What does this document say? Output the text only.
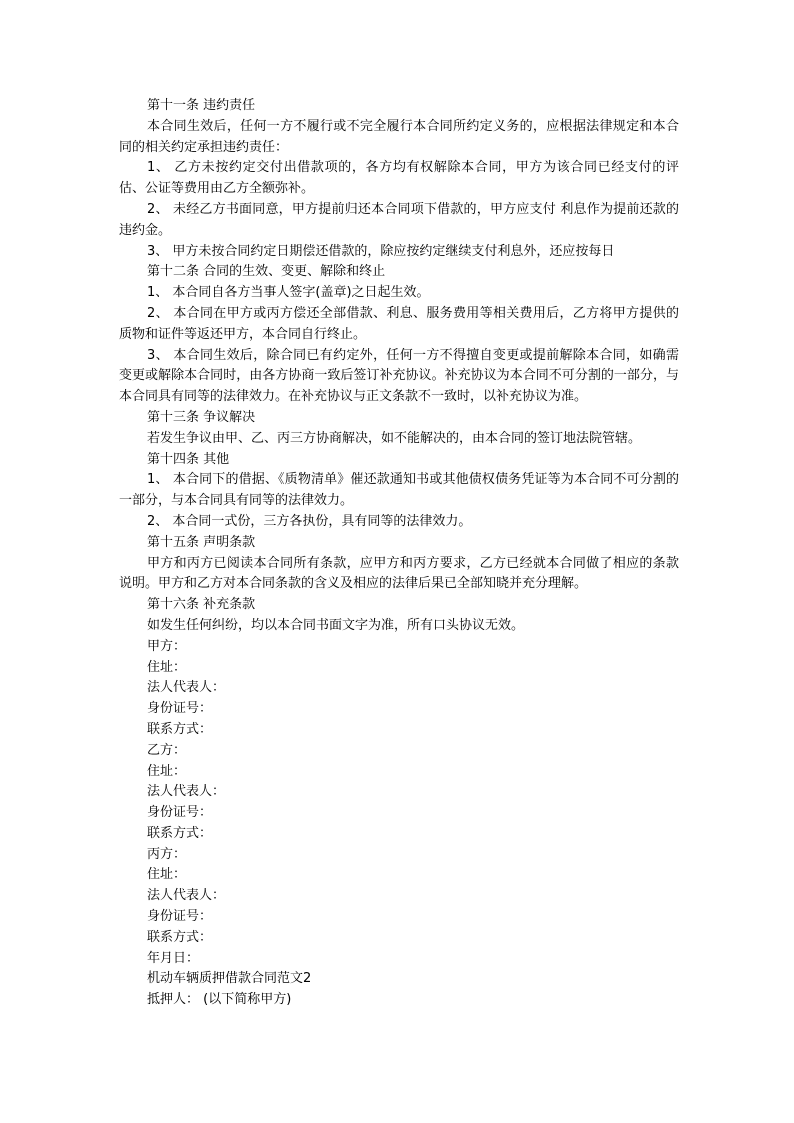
第十一条 违约责任

本合同生效后，任何一方不履行或不完全履行本合同所约定义务的，应根据法律规定和本合同的相关约定承担违约责任：

1、 乙方未按约定交付出借款项的，各方均有权解除本合同，甲方为该合同已经支付的评估、公证等费用由乙方全额弥补。

2、 未经乙方书面同意，甲方提前归还本合同项下借款的，甲方应支付 利息作为提前还款的违约金。

3、 甲方未按合同约定日期偿还借款的，除应按约定继续支付利息外，还应按每日

第十二条 合同的生效、变更、解除和终止

1、 本合同自各方当事人签字(盖章)之日起生效。

2、 本合同在甲方或丙方偿还全部借款、利息、服务费用等相关费用后，乙方将甲方提供的质物和证件等返还甲方，本合同自行终止。

3、 本合同生效后，除合同已有约定外，任何一方不得擅自变更或提前解除本合同，如确需变更或解除本合同时，由各方协商一致后签订补充协议。补充协议为本合同不可分割的一部分，与本合同具有同等的法律效力。在补充协议与正文条款不一致时，以补充协议为准。

第十三条 争议解决

若发生争议由甲、乙、丙三方协商解决，如不能解决的，由本合同的签订地法院管辖。

第十四条 其他

1、 本合同下的借据、《质物清单》催还款通知书或其他债权债务凭证等为本合同不可分割的一部分，与本合同具有同等的法律效力。

2、 本合同一式份，三方各执份，具有同等的法律效力。

第十五条 声明条款

甲方和丙方已阅读本合同所有条款，应甲方和丙方要求，乙方已经就本合同做了相应的条款说明。甲方和乙方对本合同条款的含义及相应的法律后果已全部知晓并充分理解。

第十六条 补充条款

如发生任何纠纷，均以本合同书面文字为准，所有口头协议无效。

甲方：

住址：

法人代表人：

身份证号：

联系方式：

乙方：

住址：

法人代表人：

身份证号：

联系方式：

丙方：

住址：

法人代表人：

身份证号：

联系方式：

年月日：

机动车辆质押借款合同范文2

抵押人： (以下简称甲方)
